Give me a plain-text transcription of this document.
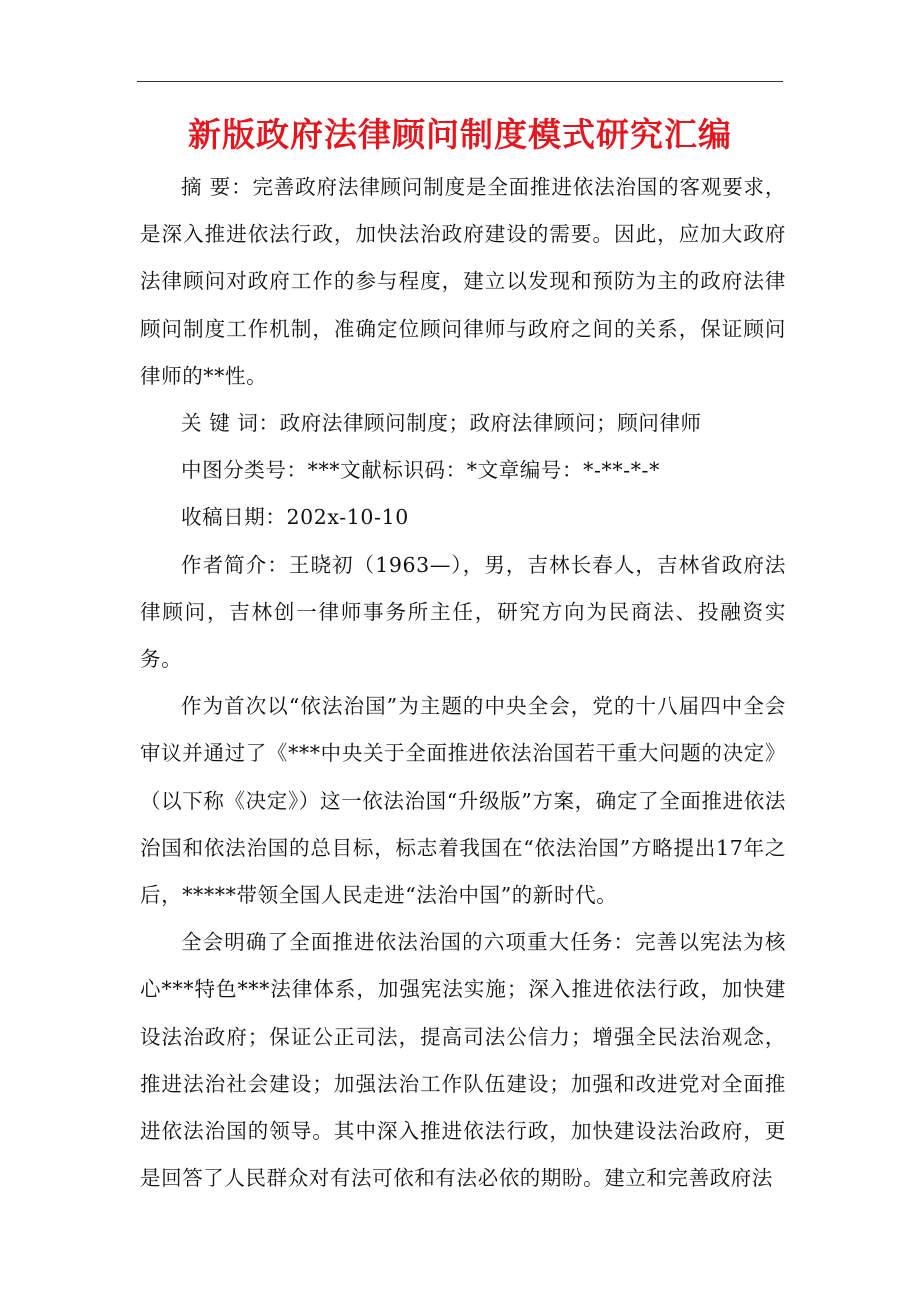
新版政府法律顾问制度模式研究汇编

摘 要：完善政府法律顾问制度是全面推进依法治国的客观要求，是深入推进依法行政，加快法治政府建设的需要。因此，应加大政府法律顾问对政府工作的参与程度，建立以发现和预防为主的政府法律顾问制度工作机制，准确定位顾问律师与政府之间的关系，保证顾问律师的**性。

关 键 词：政府法律顾问制度；政府法律顾问；顾问律师

中图分类号：***文献标识码：*文章编号：*-**-*-*

收稿日期：202x-10-10

作者简介：王晓初（1963—），男，吉林长春人，吉林省政府法律顾问，吉林创一律师事务所主任，研究方向为民商法、投融资实务。

作为首次以“依法治国”为主题的中央全会，党的十八届四中全会审议并通过了《***中央关于全面推进依法治国若干重大问题的决定》（以下称《决定》）这一依法治国“升级版”方案，确定了全面推进依法治国和依法治国的总目标，标志着我国在“依法治国”方略提出17年之后，*****带领全国人民走进“法治中国”的新时代。

全会明确了全面推进依法治国的六项重大任务：完善以宪法为核心***特色***法律体系，加强宪法实施；深入推进依法行政，加快建设法治政府；保证公正司法，提高司法公信力；增强全民法治观念，推进法治社会建设；加强法治工作队伍建设；加强和改进党对全面推进依法治国的领导。其中深入推进依法行政，加快建设法治政府，更是回答了人民群众对有法可依和有法必依的期盼。建立和完善政府法
